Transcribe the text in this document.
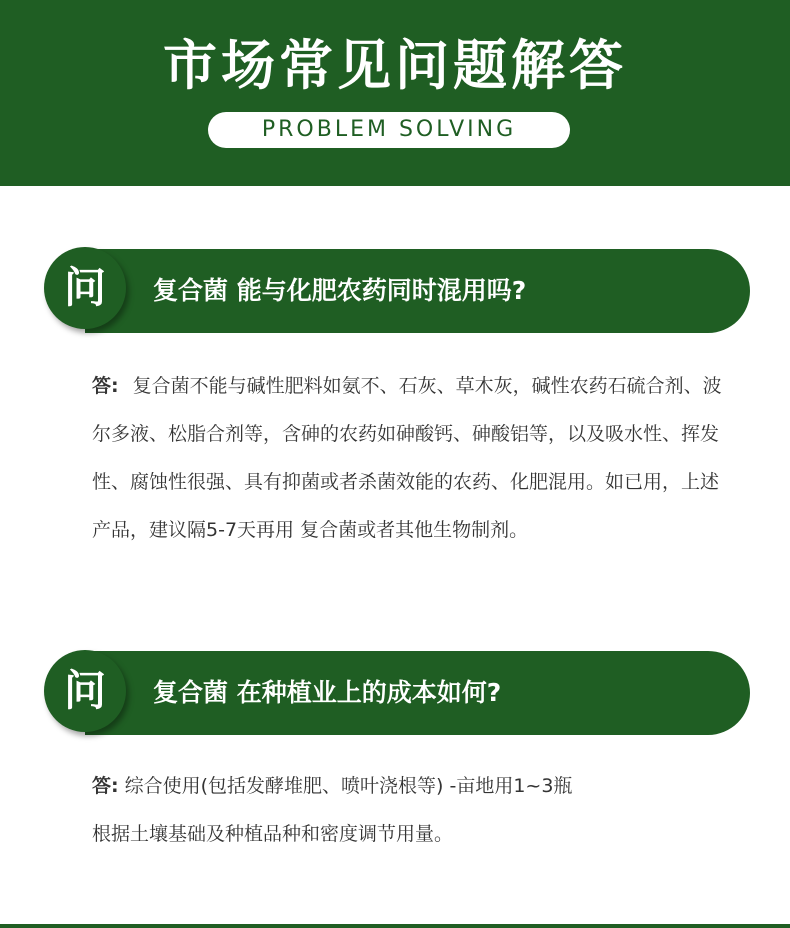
市场常见问题解答
PROBLEM SOLVING
问	复合菌 能与化肥农药同时混用吗?
答: 复合菌不能与碱性肥料如氨不、石灰、草木灰，碱性农药石硫合剂、波尔多液、松脂合剂等，含砷的农药如砷酸钙、砷酸铝等，以及吸水性、挥发性、腐蚀性很强、具有抑菌或者杀菌效能的农药、化肥混用。如已用，上述产品，建议隔5-7天再用 复合菌或者其他生物制剂。
问	复合菌 在种植业上的成本如何?
答: 综合使用(包括发酵堆肥、喷叶浇根等) -亩地用1~3瓶
根据土壤基础及种植品种和密度调节用量。
